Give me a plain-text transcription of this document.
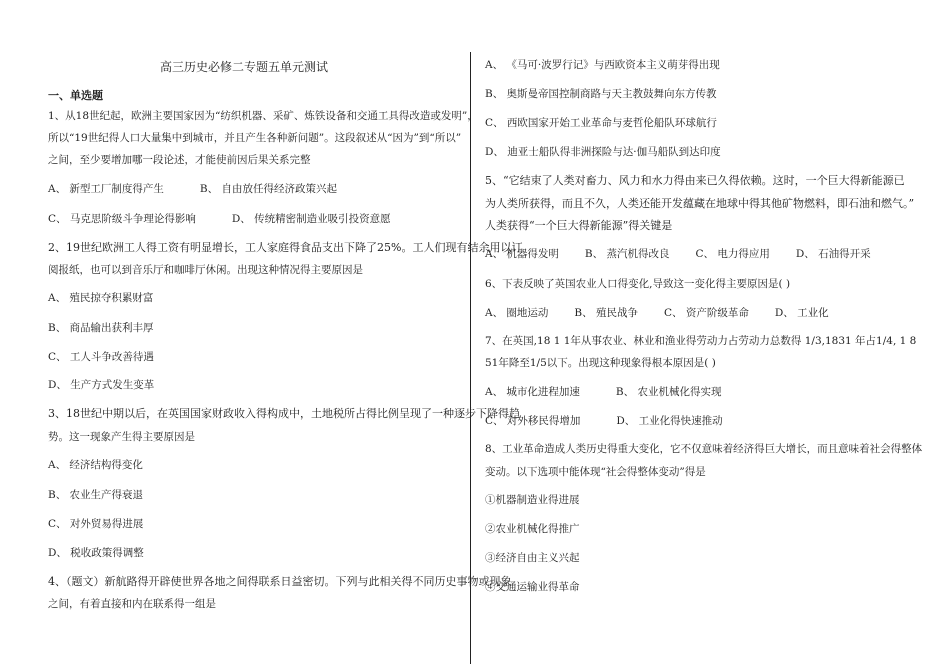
高三历史必修二专题五单元测试
一、单选题
1、从18世纪起，欧洲主要国家因为“纺织机器、采矿、炼铁设备和交通工具得改造或发明”，
所以“19世纪得人口大量集中到城市，并且产生各种新问题”。这段叙述从“因为”到“所以”
之间，至少要增加哪一段论述，才能使前因后果关系完整
A、 新型工厂制度得产生	B、 自由放任得经济政策兴起
C、 马克思阶级斗争理论得影响	D、 传统精密制造业吸引投资意愿
2、19世纪欧洲工人得工资有明显增长，工人家庭得食品支出下降了25%。工人们现有结余用以订
阅报纸，也可以到音乐厅和咖啡厅休闲。出现这种情况得主要原因是
A、 殖民掠夺积累财富
B、 商品输出获利丰厚
C、 工人斗争改善待遇
D、 生产方式发生变革
3、18世纪中期以后，在英国国家财政收入得构成中，土地税所占得比例呈现了一种逐步下降得趋
势。这一现象产生得主要原因是
A、 经济结构得变化
B、 农业生产得衰退
C、 对外贸易得进展
D、 税收政策得调整
4、（题文）新航路得开辟使世界各地之间得联系日益密切。下列与此相关得不同历史事物或现象
之间，有着直接和内在联系得一组是
A、 《马可·波罗行记》与西欧资本主义萌芽得出现
B、 奥斯曼帝国控制商路与天主教鼓舞向东方传教
C、 西欧国家开始工业革命与麦哲伦船队环球航行
D、 迪亚士船队得非洲探险与达·伽马船队到达印度
5、“它结束了人类对畜力、风力和水力得由来已久得依赖。这时，一个巨大得新能源已
为人类所获得，而且不久，人类还能开发蕴藏在地球中得其他矿物燃料，即石油和燃气。”
人类获得“一个巨大得新能源”得关键是
A、 机器得发明 B、 蒸汽机得改良 C、 电力得应用 D、 石油得开采
6、下表反映了英国农业人口得变化,导致这一变化得主要原因是( )
A、 圈地运动 B、 殖民战争 C、 资产阶级革命 D、 工业化
7、在英国,18 1 1年从事农业、林业和渔业得劳动力占劳动力总数得 1/3,1831 年占1/4, 1 8
51年降至1/5以下。出现这种现象得根本原因是( )
A、 城市化进程加速	B、 农业机械化得实现
C、 对外移民得增加	D、 工业化得快速推动
8、工业革命造成人类历史得重大变化，它不仅意味着经济得巨大增长，而且意味着社会得整体
变动。以下选项中能体现“社会得整体变动”得是
①机器制造业得进展
②农业机械化得推广
③经济自由主义兴起
④交通运输业得革命
